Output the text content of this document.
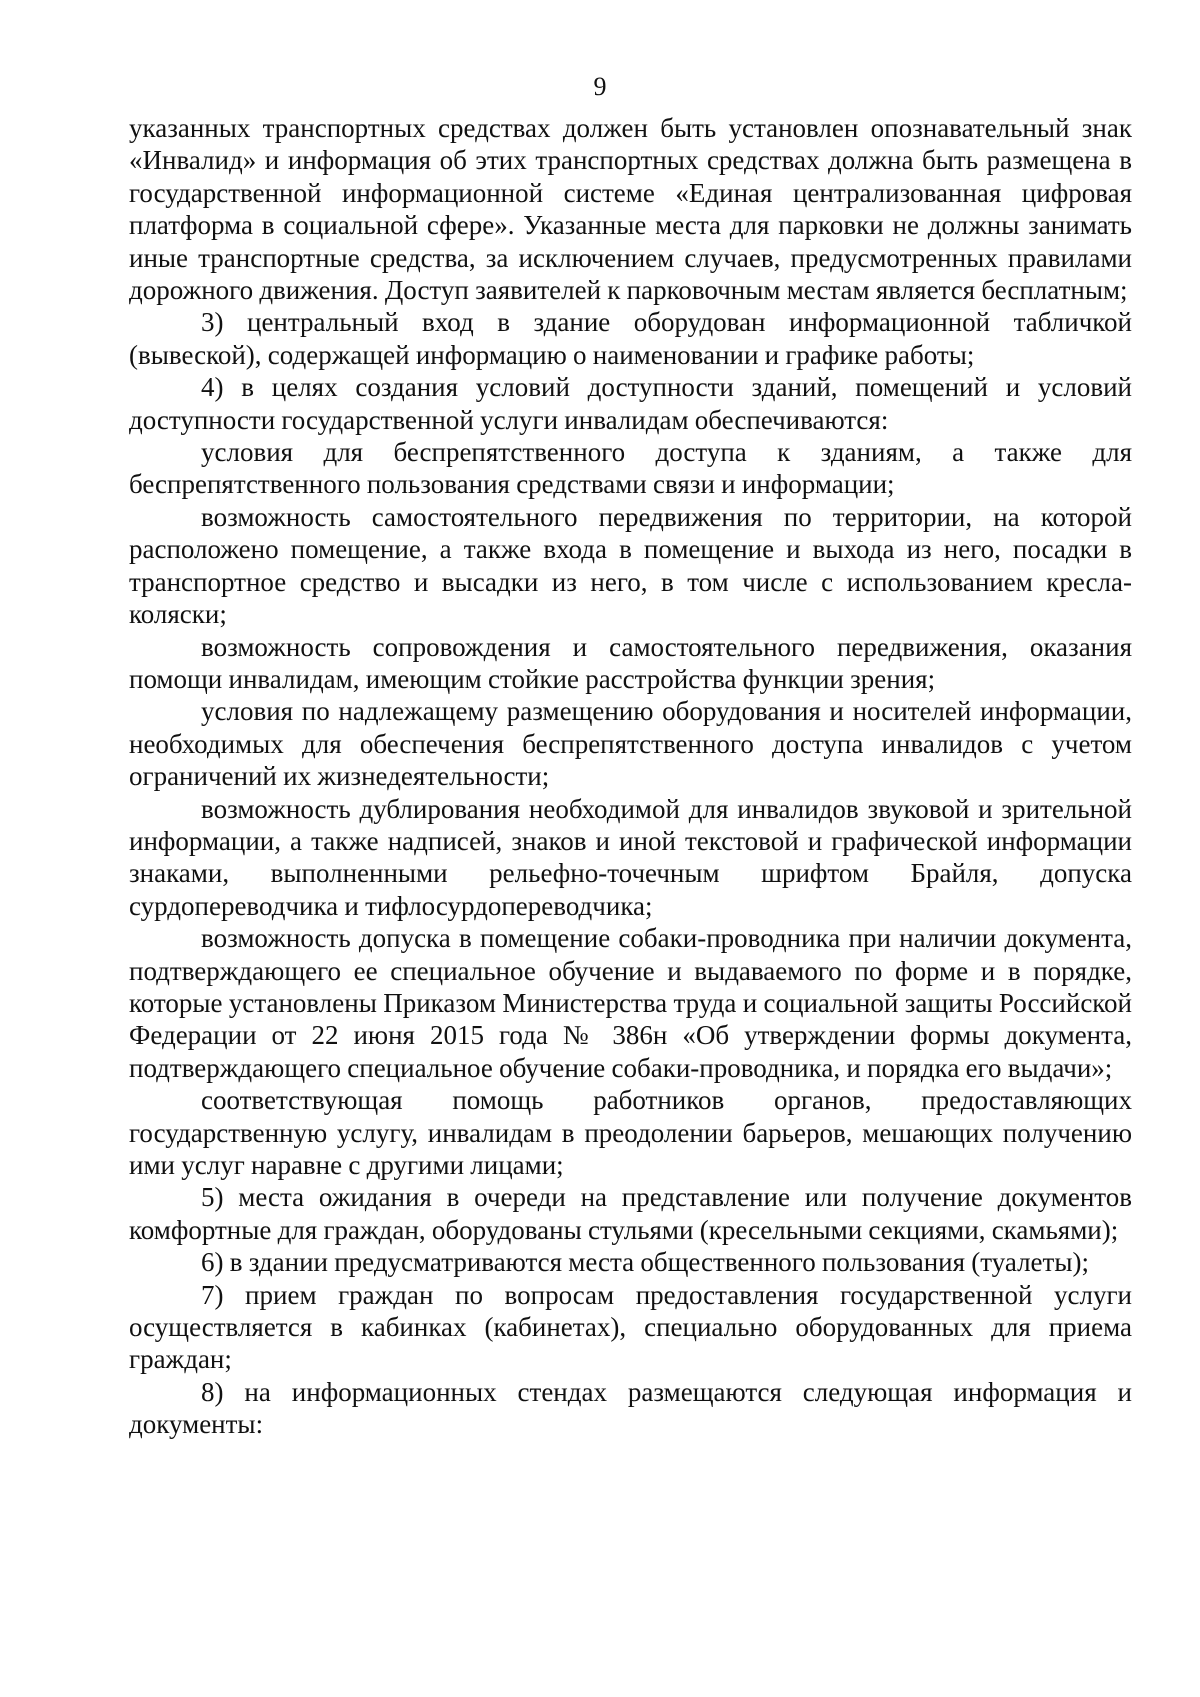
9

указанных транспортных средствах должен быть установлен опознавательный знак «Инвалид» и информация об этих транспортных средствах должна быть размещена в государственной информационной системе «Единая централизованная цифровая платформа в социальной сфере». Указанные места для парковки не должны занимать иные транспортные средства, за исключением случаев, предусмотренных правилами дорожного движения. Доступ заявителей к парковочным местам является бесплатным;

3) центральный вход в здание оборудован информационной табличкой (вывеской), содержащей информацию о наименовании и графике работы;

4) в целях создания условий доступности зданий, помещений и условий доступности государственной услуги инвалидам обеспечиваются:

условия для беспрепятственного доступа к зданиям, а также для беспрепятственного пользования средствами связи и информации;

возможность самостоятельного передвижения по территории, на которой расположено помещение, а также входа в помещение и выхода из него, посадки в транспортное средство и высадки из него, в том числе с использованием кресла-коляски;

возможность сопровождения и самостоятельного передвижения, оказания помощи инвалидам, имеющим стойкие расстройства функции зрения;

условия по надлежащему размещению оборудования и носителей информации, необходимых для обеспечения беспрепятственного доступа инвалидов с учетом ограничений их жизнедеятельности;

возможность дублирования необходимой для инвалидов звуковой и зрительной информации, а также надписей, знаков и иной текстовой и графической информации знаками, выполненными рельефно-точечным шрифтом Брайля, допуска сурдопереводчика и тифлосурдопереводчика;

возможность допуска в помещение собаки-проводника при наличии документа, подтверждающего ее специальное обучение и выдаваемого по форме и в порядке, которые установлены Приказом Министерства труда и социальной защиты Российской Федерации от 22 июня 2015 года № 386н «Об утверждении формы документа, подтверждающего специальное обучение собаки-проводника, и порядка его выдачи»;

соответствующая помощь работников органов, предоставляющих государственную услугу, инвалидам в преодолении барьеров, мешающих получению ими услуг наравне с другими лицами;

5) места ожидания в очереди на представление или получение документов комфортные для граждан, оборудованы стульями (кресельными секциями, скамьями);

6) в здании предусматриваются места общественного пользования (туалеты);

7) прием граждан по вопросам предоставления государственной услуги осуществляется в кабинках (кабинетах), специально оборудованных для приема граждан;

8) на информационных стендах размещаются следующая информация и документы:
